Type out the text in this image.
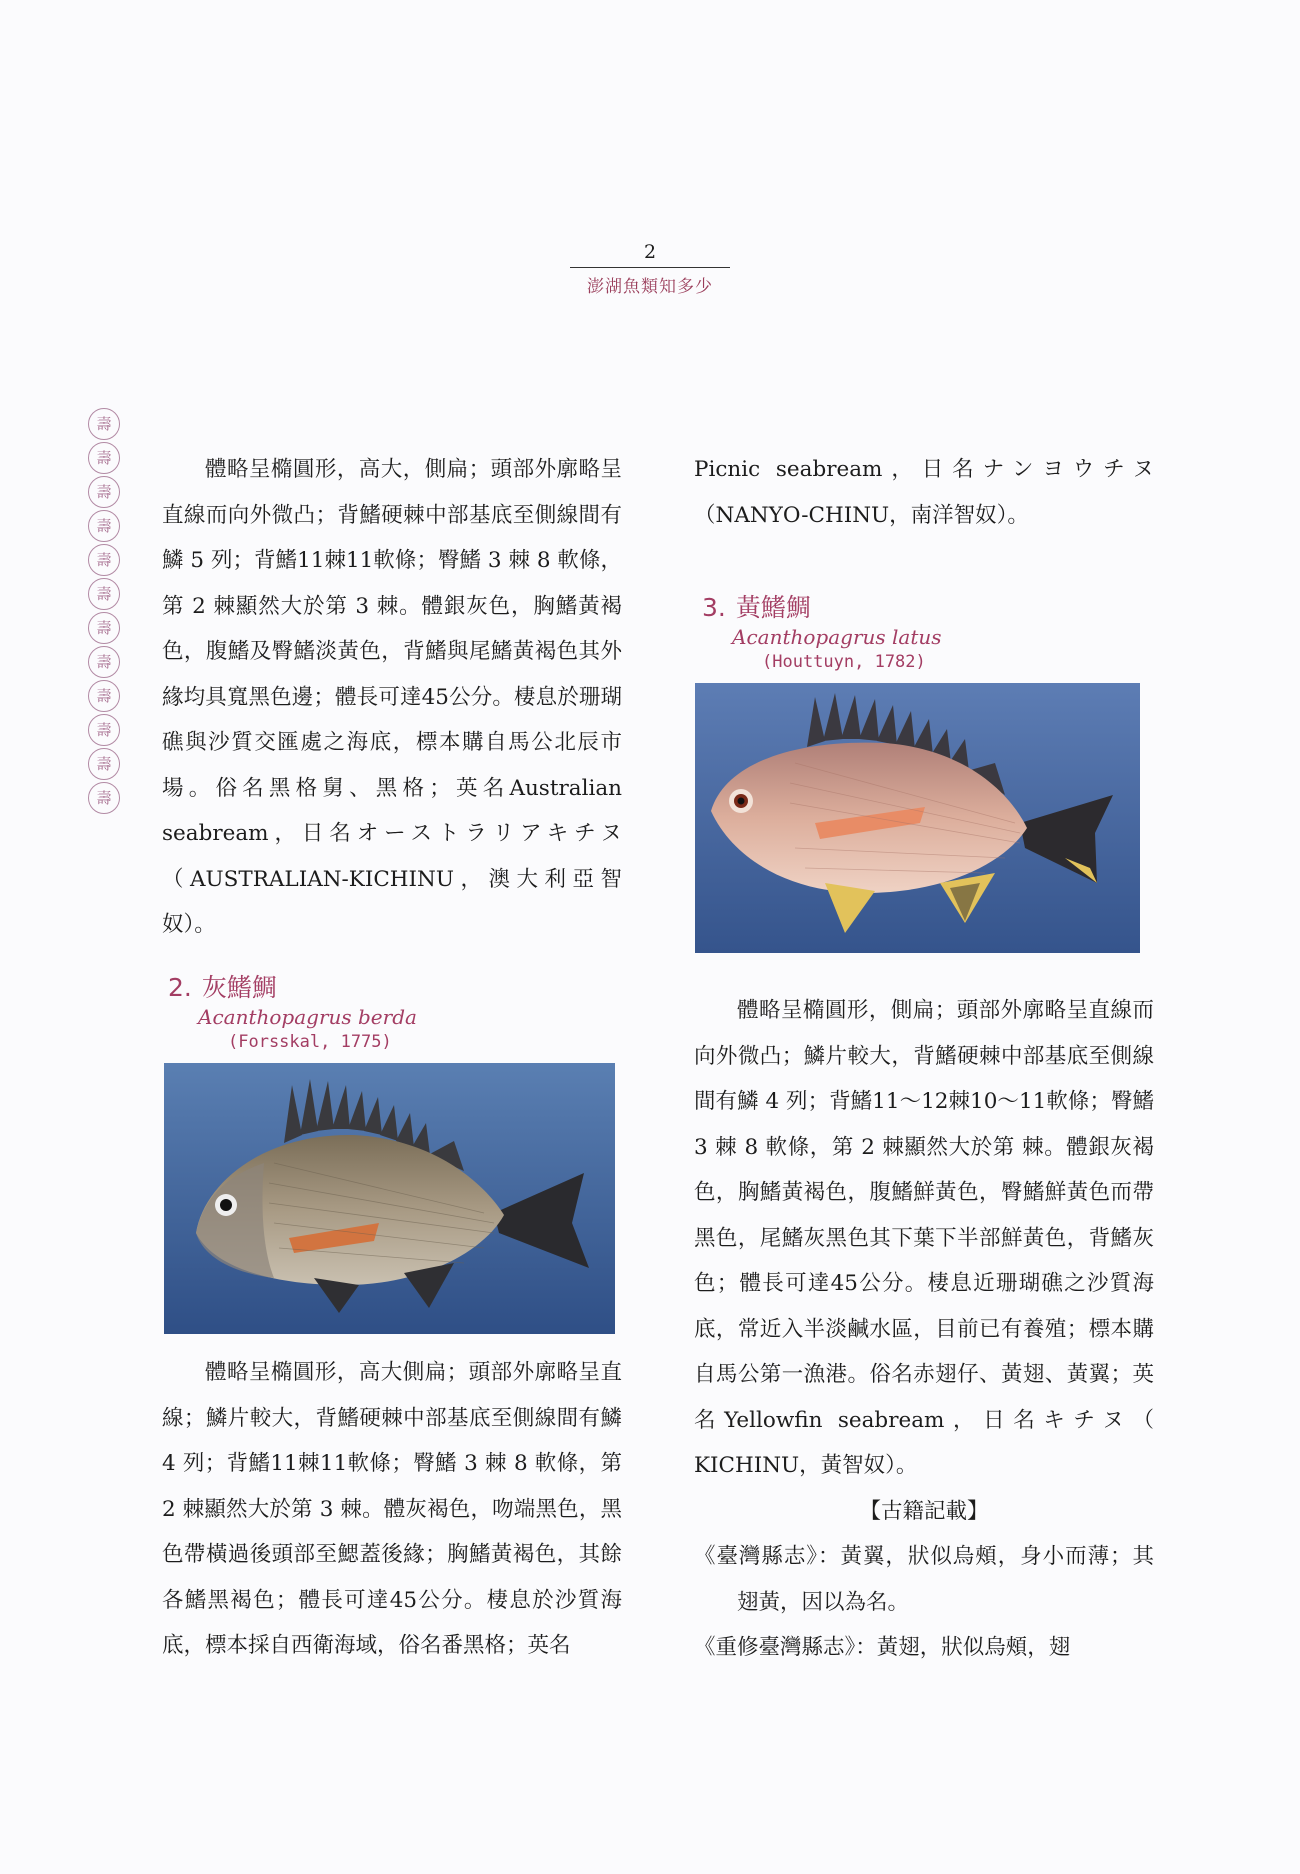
2
澎湖魚類知多少
壽
壽
壽
壽
壽
壽
壽
壽
壽
壽
壽
壽

體略呈橢圓形，高大，側扁；頭部外廓略呈直線而向外微凸；背鰭硬棘中部基底至側線間有鱗 5 列；背鰭11棘11軟條；臀鰭 3 棘 8 軟條，第 2 棘顯然大於第 3 棘。體銀灰色，胸鰭黃褐色，腹鰭及臀鰭淡黃色，背鰭與尾鰭黃褐色其外緣均具寬黑色邊；體長可達45公分。棲息於珊瑚礁與沙質交匯處之海底，標本購自馬公北辰市場。俗名黑格舅、黑格；英名Australian seabream，日名オーストラリアキチヌ（AUSTRALIAN-KICHINU，澳大利亞智奴）。

2. 灰鰭鯛
Acanthopagrus berda
(Forsskal, 1775)

體略呈橢圓形，高大側扁；頭部外廓略呈直線；鱗片較大，背鰭硬棘中部基底至側線間有鱗 4 列；背鰭11棘11軟條；臀鰭 3 棘 8 軟條，第 2 棘顯然大於第 3 棘。體灰褐色，吻端黑色，黑色帶橫過後頭部至鰓蓋後緣；胸鰭黃褐色，其餘各鰭黑褐色；體長可達45公分。棲息於沙質海底，標本採自西衛海域，俗名番黑格；英名

Picnic seabream，日名ナンヨウチヌ（NANYO-CHINU，南洋智奴）。

3. 黃鰭鯛
Acanthopagrus latus
(Houttuyn, 1782)

體略呈橢圓形，側扁；頭部外廓略呈直線而向外微凸；鱗片較大，背鰭硬棘中部基底至側線間有鱗 4 列；背鰭11～12棘10～11軟條；臀鰭 3 棘 8 軟條，第 2 棘顯然大於第 棘。體銀灰褐色，胸鰭黃褐色，腹鰭鮮黃色，臀鰭鮮黃色而帶黑色，尾鰭灰黑色其下葉下半部鮮黃色，背鰭灰色；體長可達45公分。棲息近珊瑚礁之沙質海底，常近入半淡鹹水區，目前已有養殖；標本購自馬公第一漁港。俗名赤翅仔、黃翅、黃翼；英名Yellowfin seabream，日名キチヌ（ KICHINU，黃智奴）。

【古籍記載】

《臺灣縣志》：黃翼，狀似烏頰，身小而薄；其翅黃，因以為名。

《重修臺灣縣志》：黃翅，狀似烏頰，翅
